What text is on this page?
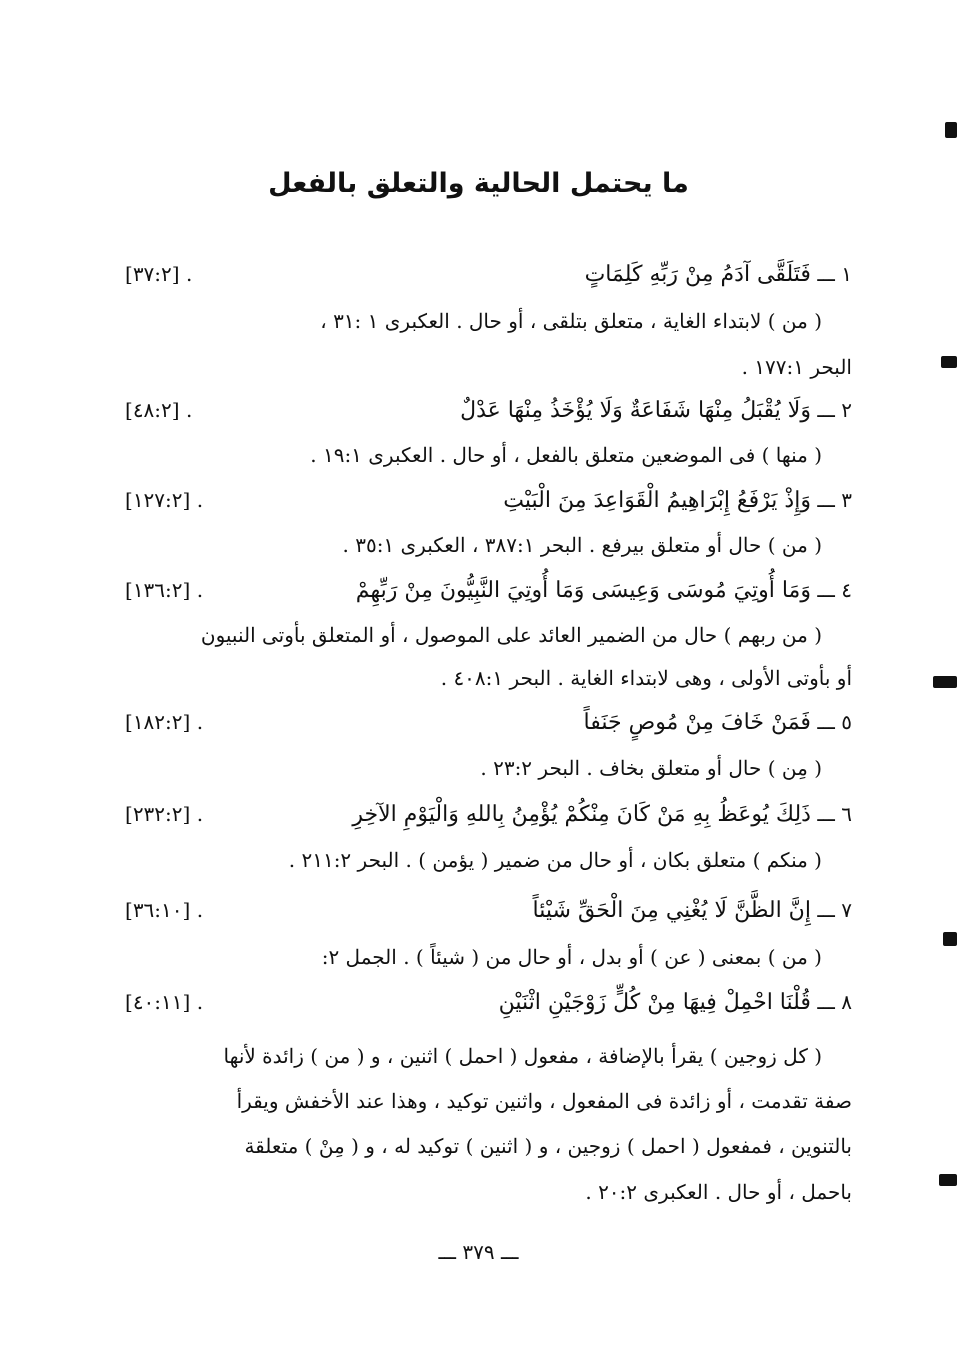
ما يحتمل الحالية والتعلق بالفعل
١ ـــ فَتَلَقَّى آدَمُ مِنْ رَبِّهِ كَلِمَاتٍ
[٣٧:٢] .
( من ) لابتداء الغاية ، متعلق بتلقى ، أو حال . العكبرى ١ :٣١ ،
البحر ١٧٧:١ .
٢ ـــ وَلَا يُقْبَلُ مِنْهَا شَفَاعَةٌ وَلَا يُؤْخَذُ مِنْهَا عَدْلٌ
[٤٨:٢] .
( منها ) فى الموضعين متعلق بالفعل ، أو حال . العكبرى ١٩:١ .
٣ ـــ وَإِذْ يَرْفَعُ إِبْرَاهِيمُ الْقَوَاعِدَ مِنَ الْبَيْتِ
[١٢٧:٢] .
( من ) حال أو متعلق بيرفع . البحر ٣٨٧:١ ، العكبرى ٣٥:١ .
٤ ـــ وَمَا أُوتِيَ مُوسَى وَعِيسَى وَمَا أُوتِيَ النَّبِيُّونَ مِنْ رَبِّهِمْ
[١٣٦:٢] .
( من ربهم ) حال من الضمير العائد على الموصول ، أو المتعلق بأوتى النبيون
أو بأوتى الأولى ، وهى لابتداء الغاية . البحر ٤٠٨:١ .
٥ ـــ فَمَنْ خَافَ مِنْ مُوصٍ جَنَفاً
[١٨٢:٢] .
( مِن ) حال أو متعلق بخاف . البحر ٢٣:٢ .
٦ ـــ ذَلِكَ يُوعَظُ بِهِ مَنْ كَانَ مِنْكُمْ يُؤْمِنُ بِاللهِ وَالْيَوْمِ الآخِرِ
[٢٣٢:٢] .
( منكم ) متعلق بكان ، أو حال من ضمير ( يؤمن ) . البحر ٢١١:٢ .
٧ ـــ إِنَّ الظَّنَّ لَا يُغْنِي مِنَ الْحَقِّ شَيْئاً
[٣٦:١٠] .
( من ) بمعنى ( عن ) أو بدل ، أو حال من ( شيئاً ) . الجمل ٢:
٨ ـــ قُلْنَا احْمِلْ فِيهَا مِنْ كُلٍّ زَوْجَيْنِ اثْنَيْنِ
[٤٠:١١] .
( كل زوجين ) يقرأ بالإضافة ، مفعول ( احمل ) اثنين ، و ( من ) زائدة لأنها
صفة تقدمت ، أو زائدة فى المفعول ، واثنين توكيد ، وهذا عند الأخفش ويقرأ
بالتنوين ، فمفعول ( احمل ) زوجين ، و ( اثنين ) توكيد له ، و ( مِنْ ) متعلقة
باحمل ، أو حال . العكبرى ٢٠:٢ .
ـــ ٣٧٩ ـــ
